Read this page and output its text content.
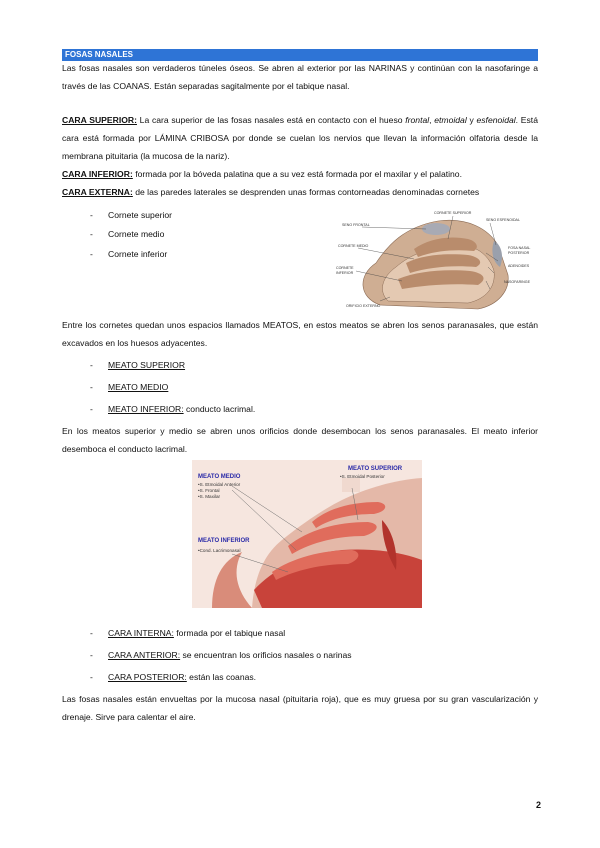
FOSAS NASALES
Las fosas nasales son verdaderos túneles óseos. Se abren al exterior por las NARINAS y continúan con la nasofaringe a través de las COANAS. Están separadas sagitalmente por el tabique nasal.
CARA SUPERIOR: La cara superior de las fosas nasales está en contacto con el hueso frontal, etmoidal y esfenoidal. Está cara está formada por LÁMINA CRIBOSA por donde se cuelan los nervios que llevan la información olfatoria desde la membrana pituitaria (la mucosa de la nariz).
CARA INFERIOR: formada por la bóveda palatina que a su vez está formada por el maxilar y el palatino.
CARA EXTERNA: de las paredes laterales se desprenden unas formas contorneadas denominadas cornetes
- Cornete superior
- Cornete medio
- Cornete inferior
CORNETE SUPERIOR
SENO FRONTAL
SENO ESFENOIDAL
CORNETE MEDIO	FOSA NASAL
POSTERIOR
ADENOIDES
CORNETE
INFERIOR
NASOFARINGE
ORIFICIO EXTERNO
Entre los cornetes quedan unos espacios llamados MEATOS, en estos meatos se abren los senos paranasales, que están excavados en los huesos adyacentes.
- MEATO SUPERIOR
- MEATO MEDIO
- MEATO INFERIOR: conducto lacrimal.
En los meatos superior y medio se abren unos orificios donde desembocan los senos paranasales. El meato inferior desemboca el conducto lacrimal.
MEATO MEDIO
•S. Etmoidal Anterior
•S. Frontal
•S. Maxilar
MEATO SUPERIOR
•S. Etmoidal Posterior
MEATO INFERIOR
•Cond. Lacrimonasal
- CARA INTERNA: formada por el tabique nasal
- CARA ANTERIOR: se encuentran los orificios nasales o narinas
- CARA POSTERIOR: están las coanas.
Las fosas nasales están envueltas por la mucosa nasal (pituitaria roja), que es muy gruesa por su gran vascularización y drenaje. Sirve para calentar el aire.
2
